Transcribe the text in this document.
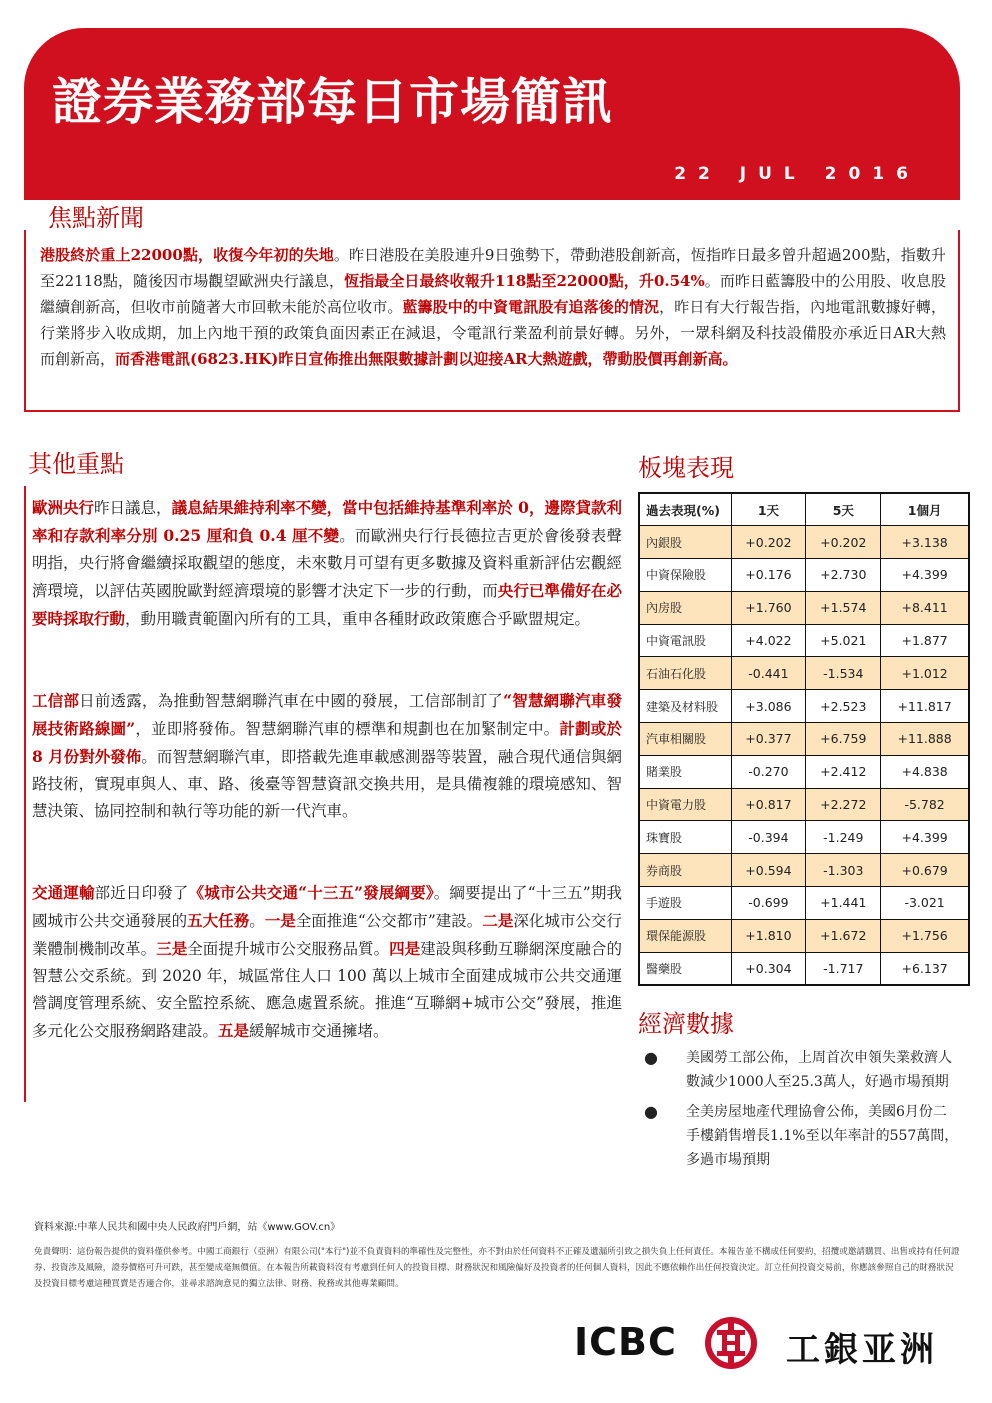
證券業務部每日市場簡訊
22 JUL 2016
焦點新聞

港股終於重上22000點，收復今年初的失地。昨日港股在美股連升9日強勢下，帶動港股創新高，恆指昨日最多曾升超過200點，指數升至22118點，隨後因市場觀望歐洲央行議息，恆指最全日最終收報升118點至22000點，升0.54%。而昨日藍籌股中的公用股、收息股繼續創新高，但收市前隨著大市回軟未能於高位收市。藍籌股中的中資電訊股有追落後的情況，昨日有大行報告指，內地電訊數據好轉，行業將步入收成期，加上內地干預的政策負面因素正在減退，令電訊行業盈利前景好轉。另外，一眾科網及科技設備股亦承近日AR大熱而創新高，而香港電訊(6823.HK)昨日宣佈推出無限數據計劃以迎接AR大熱遊戲，帶動股價再創新高。

其他重點

歐洲央行昨日議息，議息結果維持利率不變，當中包括維持基準利率於 0，邊際貸款利率和存款利率分別 0.25 厘和負 0.4 厘不變。而歐洲央行行長德拉吉更於會後發表聲明指，央行將會繼續採取觀望的態度，未來數月可望有更多數據及資料重新評估宏觀經濟環境，以評估英國脫歐對經濟環境的影響才決定下一步的行動，而央行已準備好在必要時採取行動，動用職責範圍內所有的工具，重申各種財政政策應合乎歐盟規定。

工信部日前透露，為推動智慧網聯汽車在中國的發展，工信部制訂了“智慧網聯汽車發展技術路線圖”，並即將發佈。智慧網聯汽車的標準和規劃也在加緊制定中。計劃或於 8 月份對外發佈。而智慧網聯汽車，即搭載先進車載感測器等裝置，融合現代通信與網路技術，實現車與人、車、路、後臺等智慧資訊交換共用，是具備複雜的環境感知、智慧決策、協同控制和執行等功能的新一代汽車。

交通運輸部近日印發了《城市公共交通“十三五”發展綱要》。綱要提出了“十三五”期我國城市公共交通發展的五大任務。一是全面推進“公交都市”建設。二是深化城市公交行業體制機制改革。三是全面提升城市公交服務品質。四是建設與移動互聯網深度融合的智慧公交系統。到 2020 年，城區常住人口 100 萬以上城市全面建成城市公共交通運營調度管理系統、安全監控系統、應急處置系統。推進“互聯網+城市公交”發展，推進多元化公交服務網路建設。五是緩解城市交通擁堵。

板塊表現
過去表現(%)	1天	5天	1個月
內銀股	+0.202	+0.202	+3.138
中資保險股	+0.176	+2.730	+4.399
內房股	+1.760	+1.574	+8.411
中資電訊股	+4.022	+5.021	+1.877
石油石化股	-0.441	-1.534	+1.012
建築及材料股	+3.086	+2.523	+11.817
汽車相關股	+0.377	+6.759	+11.888
賭業股	-0.270	+2.412	+4.838
中資電力股	+0.817	+2.272	-5.782
珠寶股	-0.394	-1.249	+4.399
券商股	+0.594	-1.303	+0.679
手遊股	-0.699	+1.441	-3.021
環保能源股	+1.810	+1.672	+1.756
醫藥股	+0.304	-1.717	+6.137
經濟數據
● 美國勞工部公佈，上周首次申領失業救濟人數減少1000人至25.3萬人，好過市場預期
● 全美房屋地產代理協會公佈，美國6月份二手樓銷售增長1.1%至以年率計的557萬間，多過市場預期
資料來源:中華人民共和國中央人民政府門戶網，站《www.GOV.cn》
免責聲明：這份報告提供的資料僅供參考。中國工商銀行（亞洲）有限公司("本行")並不負責資料的準確性及完整性，亦不對由於任何資料不正確及遺漏所引致之損失負上任何責任。本報告並不構成任何要約，招攬或邀請購買、出售或持有任何證券、投資涉及風險，證券價格可升可跌，甚至變成毫無價值。在本報告所載資料沒有考慮到任何人的投資目標、財務狀況和風險偏好及投資者的任何個人資料，因此不應依賴作出任何投資決定。訂立任何投資交易前，你應該參照自己的財務狀況及投資目標考慮這種買賣是否適合你，並尋求諮詢意見的獨立法律、財務、稅務或其他專業顧問。
ICBC	工銀亚洲
